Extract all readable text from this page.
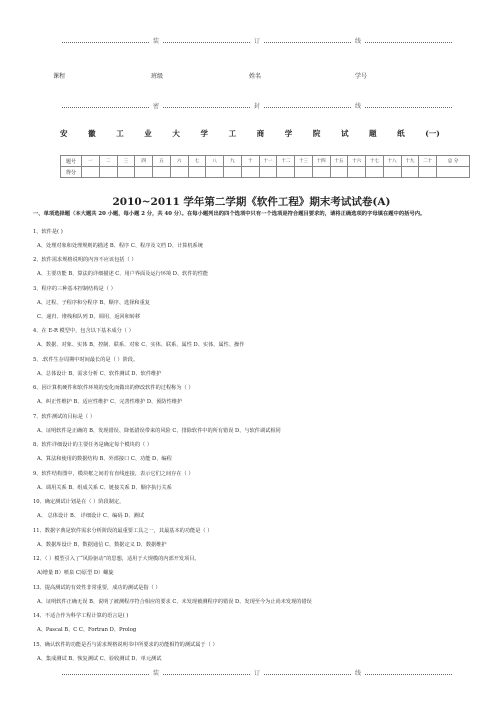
装	订	线
课程	班级	姓名	学号
密	封	线
安	徽	工	业	大	学	工	商	学	院	试	题	纸	(一)
题号	一	二	三	四	五	六	七	八	九	十	十一	十二	十三	十四	十五	十六	十七	十八	十九	二十	总 分
得分																					
2010~2011 学年第二学期《软件工程》期末考试试卷(A)
一、单项选择题（本大题共 20 小题，每小题 2 分，共 40 分）。在每小题列出的四个选项中只有一个选项是符合题目要求的，请将正确选项的字母填在题中的括号内。
1、软件是( )
A、处理对象和处理规则的描述 B、程序 C、程序及文档 D、计算机系统
2、软件需求规格说明的内容不应该包括（ ）
A、主要功能 B、算法的详细描述 C、用户界面及运行环境 D、软件的性能
3、程序的三种基本控制结构是（ ）
A、过程、子程序和分程序 B、顺序、选择和重复
C、递归、堆栈和队列 D、调用、返回和转移
4、在 E-R 模型中，包含以下基本成分（ ）
A、数据、对象、实体 B、控制、联系、对象 C、实体、联系、属性 D、实体、属性、操作
5、.软件生存周期中时间最长的是（ ）阶段。
A、总体设计 B、需求分析 C、软件测试 D、软件维护
6、因计算机硬件和软件环境的变化而做出的修改软件的过程称为（ ）
A、纠正性维护 B、适应性维护 C、完善性维护 D、预防性维护
7、软件测试的目标是（ ）
A、证明软件是正确的 B、发现错误、降低错误带来的风险 C、排除软件中的所有错误 D、与软件调试相同
8、软件详细设计的主要任务是确定每个模块的（ ）
A、算法和使用的数据结构 B、外部接口 C、功能 D、编程
9、软件结构图中，模块框之间若有直线连接，表示它们之间存在（ ）
A、调用关系 B、组成关系 C、链接关系 D、顺序执行关系
10、确定测试计划是在（ ）阶段制定。
A、 总体设计 B、 详细设计 C、编码 D、测试
11、数据字典是软件需求分析阶段的最重要工具之一，其最基本的功能是（ ）
A、数据库设计 B、数据通信 C、数据定义 D、数据维护
12、（ ）模型引入了“风险驱动”的思想，适用于大规模的内部开发项目。
A)增量 B）喷泉 C)原型 D）螺旋
13、提高测试的有效性非常重要，成功的测试是指（ ）
A、证明软件正确无误 B、说明了被测程序符合相应的要求 C、未发现被测程序的错误 D、发现至今为止尚未发现的错误
14、不适合作为科学工程计算的语言是( )
A、Pascal B、C C、Fortran D、Prolog
15、确认软件的功能是否与需求规格说明书中所要求的功能相符的测试属于（ ）
A、集成测试 B、恢复测试 C、验收测试 D、单元测试
装	订	线
